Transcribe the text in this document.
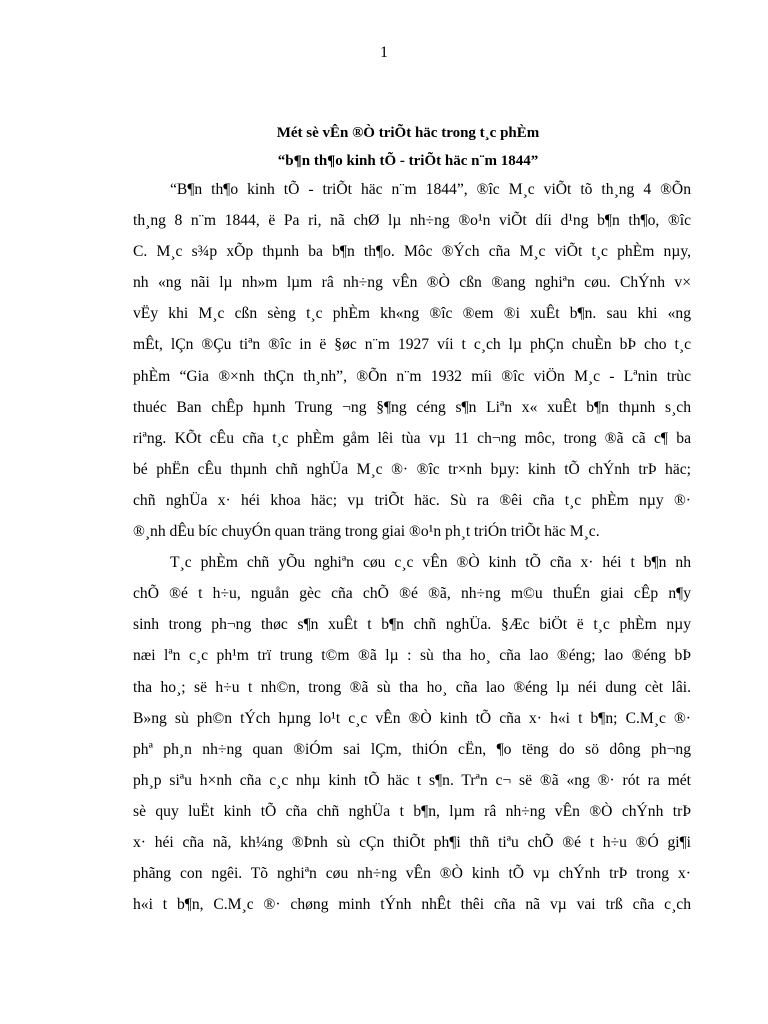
1
Mét sè vÊn ®Ò triÕt häc trong t¸c phÈm
“b¶n th¶o kinh tÕ - triÕt häc n¨m 1844”
“B¶n th¶o kinh tÕ - triÕt häc n¨m 1844”, ®îc M¸c viÕt tõ th¸ng 4 ®Õn
th¸ng 8 n¨m 1844, ë Pa ri, nã chØ lµ nh÷ng ®o¹n viÕt díi d¹ng b¶n th¶o, ®îc
C. M¸c s¾p xÕp thµnh ba b¶n th¶o. Môc ®Ých cña M¸c viÕt t¸c phÈm nµy,
nh «ng nãi lµ nh»m lµm râ nh÷ng vÊn ®Ò cßn ®ang nghiªn cøu. ChÝnh v×
vËy khi M¸c cßn sèng t¸c phÈm kh«ng ®îc ®em ®i xuÊt b¶n. sau khi «ng
mÊt, lÇn ®Çu tiªn ®îc in ë §øc n¨m 1927 víi t c¸ch lµ phÇn chuÈn bÞ cho t¸c
phÈm “Gia ®×nh thÇn th¸nh”, ®Õn n¨m 1932 míi ®îc viÖn M¸c - Lªnin trùc
thuéc Ban chÊp hµnh Trung ¬ng §¶ng céng s¶n Liªn x« xuÊt b¶n thµnh s¸ch
riªng. KÕt cÊu cña t¸c phÈm gåm lêi tùa vµ 11 ch¬ng môc, trong ®ã cã c¶ ba
bé phËn cÊu thµnh chñ nghÜa M¸c ®· ®îc tr×nh bµy: kinh tÕ chÝnh trÞ häc;
chñ nghÜa x· héi khoa häc; vµ triÕt häc. Sù ra ®êi cña t¸c phÈm nµy ®·
®¸nh dÊu bíc chuyÓn quan träng trong giai ®o¹n ph¸t triÓn triÕt häc M¸c.
T¸c phÈm chñ yÕu nghiªn cøu c¸c vÊn ®Ò kinh tÕ cña x· héi t b¶n nh
chÕ ®é t h÷u, nguån gèc cña chÕ ®é ®ã, nh÷ng m©u thuÉn giai cÊp n¶y
sinh trong ph¬ng thøc s¶n xuÊt t b¶n chñ nghÜa. §Æc biÖt ë t¸c phÈm nµy
næi lªn c¸c ph¹m trï trung t©m ®ã lµ : sù tha ho¸ cña lao ®éng; lao ®éng bÞ
tha ho¸; së h÷u t nh©n, trong ®ã sù tha ho¸ cña lao ®éng lµ néi dung cèt lâi.
B»ng sù ph©n tÝch hµng lo¹t c¸c vÊn ®Ò kinh tÕ cña x· h«i t b¶n; C.M¸c ®·
phª ph¸n nh÷ng quan ®iÓm sai lÇm, thiÓn cËn, ¶o tëng do sö dông ph¬ng
ph¸p siªu h×nh cña c¸c nhµ kinh tÕ häc t s¶n. Trªn c¬ së ®ã «ng ®· rót ra mét
sè quy luËt kinh tÕ cña chñ nghÜa t b¶n, lµm râ nh÷ng vÊn ®Ò chÝnh trÞ
x· héi cña nã, kh¼ng ®Þnh sù cÇn thiÕt ph¶i thñ tiªu chÕ ®é t h÷u ®Ó gi¶i
phãng con ngêi. Tõ nghiªn cøu nh÷ng vÊn ®Ò kinh tÕ vµ chÝnh trÞ trong x·
h«i t b¶n, C.M¸c ®· chøng minh tÝnh nhÊt thêi cña nã vµ vai trß cña c¸ch
